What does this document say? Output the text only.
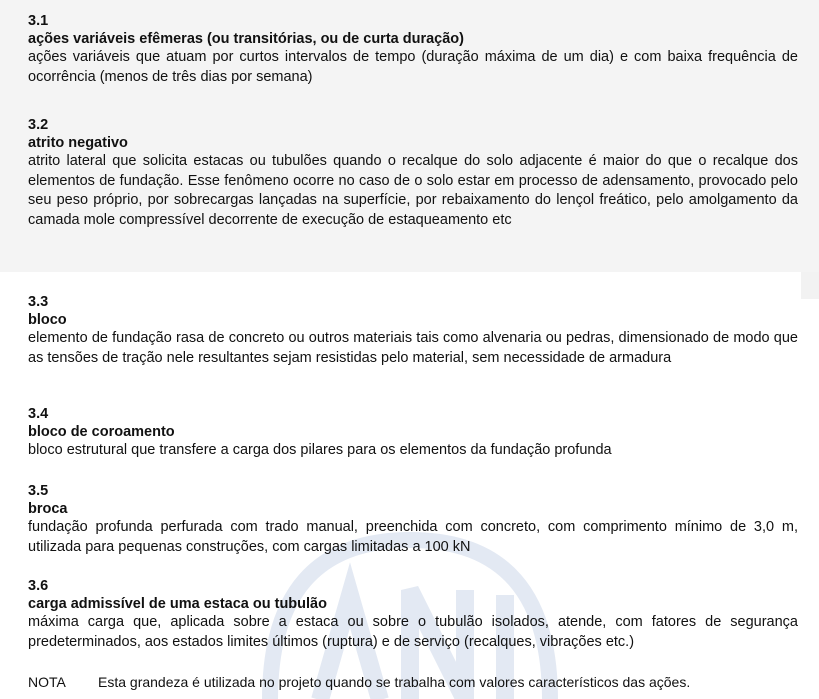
3.1
ações variáveis efêmeras (ou transitórias, ou de curta duração)
ações variáveis que atuam por curtos intervalos de tempo (duração máxima de um dia) e com baixa frequência de ocorrência (menos de três dias por semana)
3.2
atrito negativo
atrito lateral que solicita estacas ou tubulões quando o recalque do solo adjacente é maior do que o recalque dos elementos de fundação. Esse fenômeno ocorre no caso de o solo estar em processo de adensamento, provocado pelo seu peso próprio, por sobrecargas lançadas na superfície, por rebaixamento do lençol freático, pelo amolgamento da camada mole compressível decorrente de execução de estaqueamento etc
3.3
bloco
elemento de fundação rasa de concreto ou outros materiais tais como alvenaria ou pedras, dimensionado de modo que as tensões de tração nele resultantes sejam resistidas pelo material, sem necessidade de armadura
3.4
bloco de coroamento
bloco estrutural que transfere a carga dos pilares para os elementos da fundação profunda
3.5
broca
fundação profunda perfurada com trado manual, preenchida com concreto, com comprimento mínimo de 3,0 m, utilizada para pequenas construções, com cargas limitadas a 100 kN
3.6
carga admissível de uma estaca ou tubulão
máxima carga que, aplicada sobre a estaca ou sobre o tubulão isolados, atende, com fatores de segurança predeterminados, aos estados limites últimos (ruptura) e de serviço (recalques, vibrações etc.)
NOTA	Esta grandeza é utilizada no projeto quando se trabalha com valores característicos das ações.
